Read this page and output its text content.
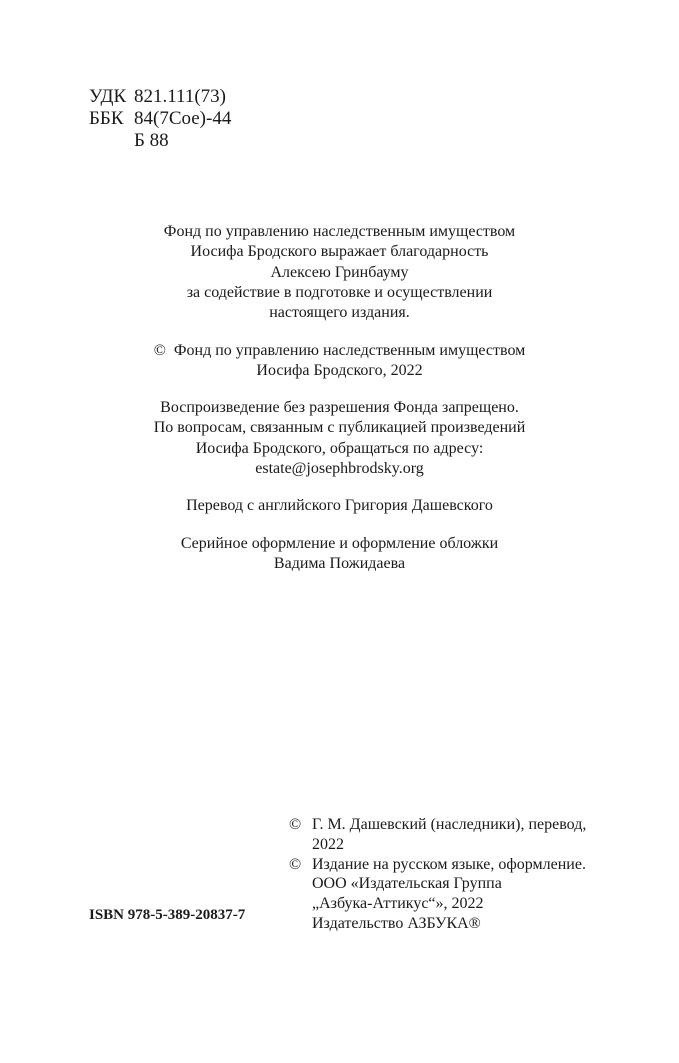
УДК 821.111(73)
ББК 84(7Сое)-44
Б 88
Фонд по управлению наследственным имуществом
Иосифа Бродского выражает благодарность
Алексею Гринбауму
за содействие в подготовке и осуществлении
настоящего издания.
© Фонд по управлению наследственным имуществом
Иосифа Бродского, 2022
Воспроизведение без разрешения Фонда запрещено.
По вопросам, связанным с публикацией произведений
Иосифа Бродского, обращаться по адресу:
estate@josephbrodsky.org
Перевод с английского Григория Дашевского
Серийное оформление и оформление обложки
Вадима Пожидаева
© Г. М. Дашевский (наследники), перевод,
2022
© Издание на русском языке, оформление.
ООО «Издательская Группа
„Азбука-Аттикус“», 2022
Издательство АЗБУКА®
ISBN 978-5-389-20837-7
